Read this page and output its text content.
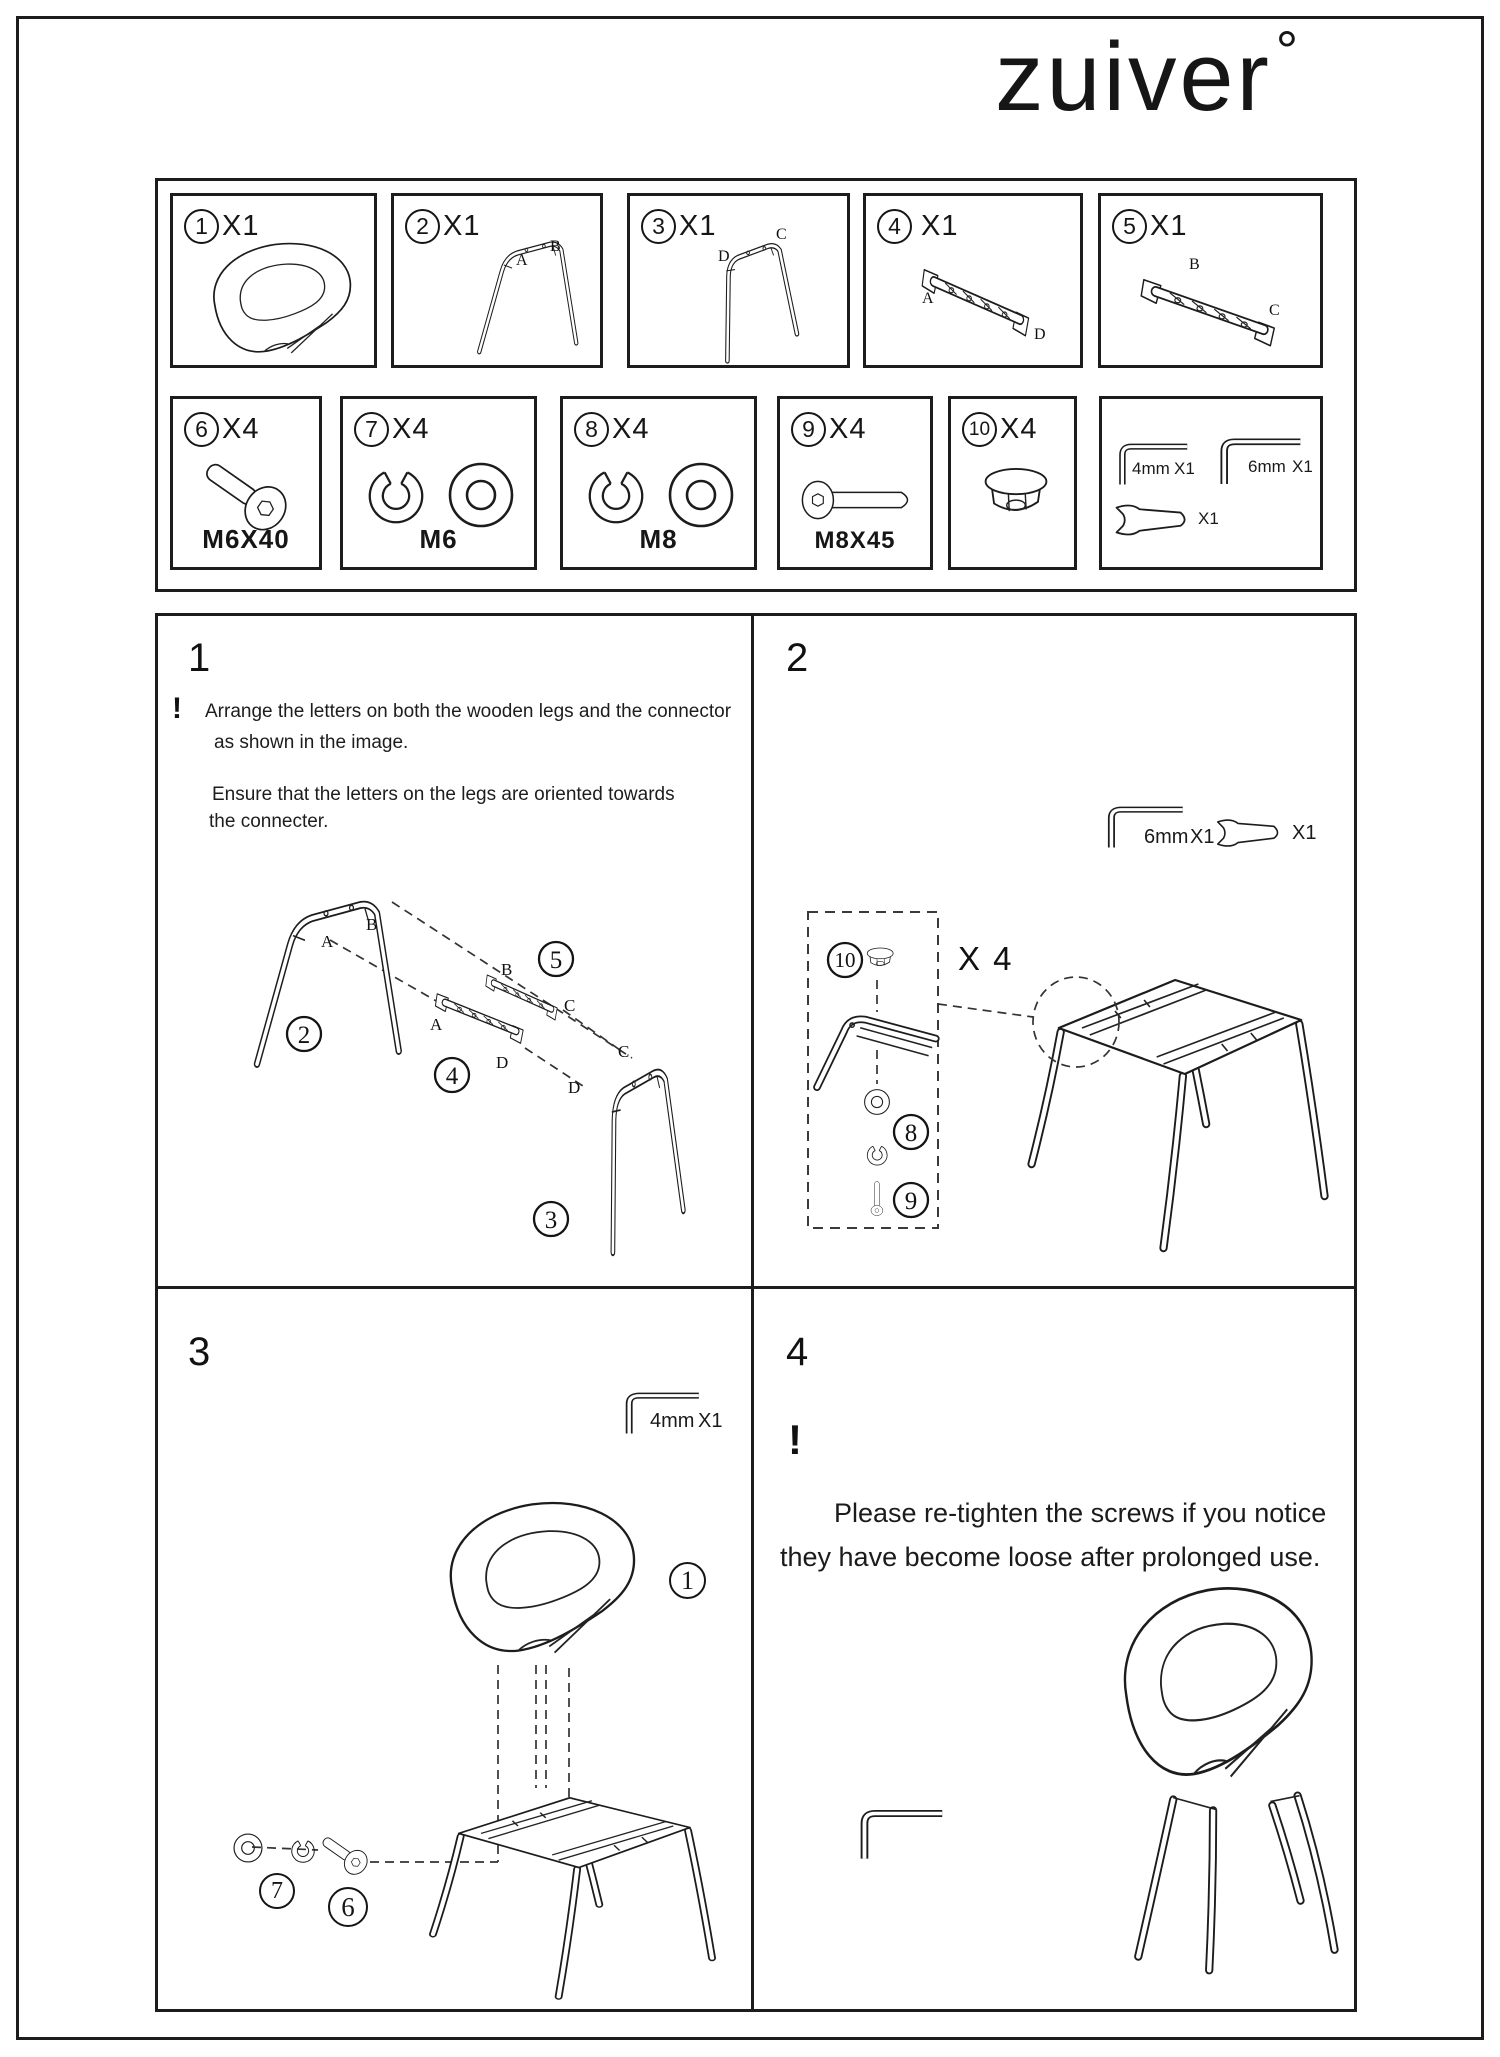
zuiver°
1 X1	2 X1
A
B
3 X1
D
C	4 X1
A
D
5 X1
B
C
6 X4
M6X40
7 X4
M6
8 X4
M8
9 X4
M8X45
10 X4
4mm X1	6mm X1
X1
1
! Arrange the letters on both the wooden legs and the connector
as shown in the image.
Ensure that the letters on the legs are oriented towards
the connecter.
A
B
A
D
B
C
C
D
2
4
5
3
2
6mm X1	X1
10
8
9
X 4
3
4mm X1
1
7
6
4
!
Please re-tighten the screws if you notice
they have become loose after prolonged use.
